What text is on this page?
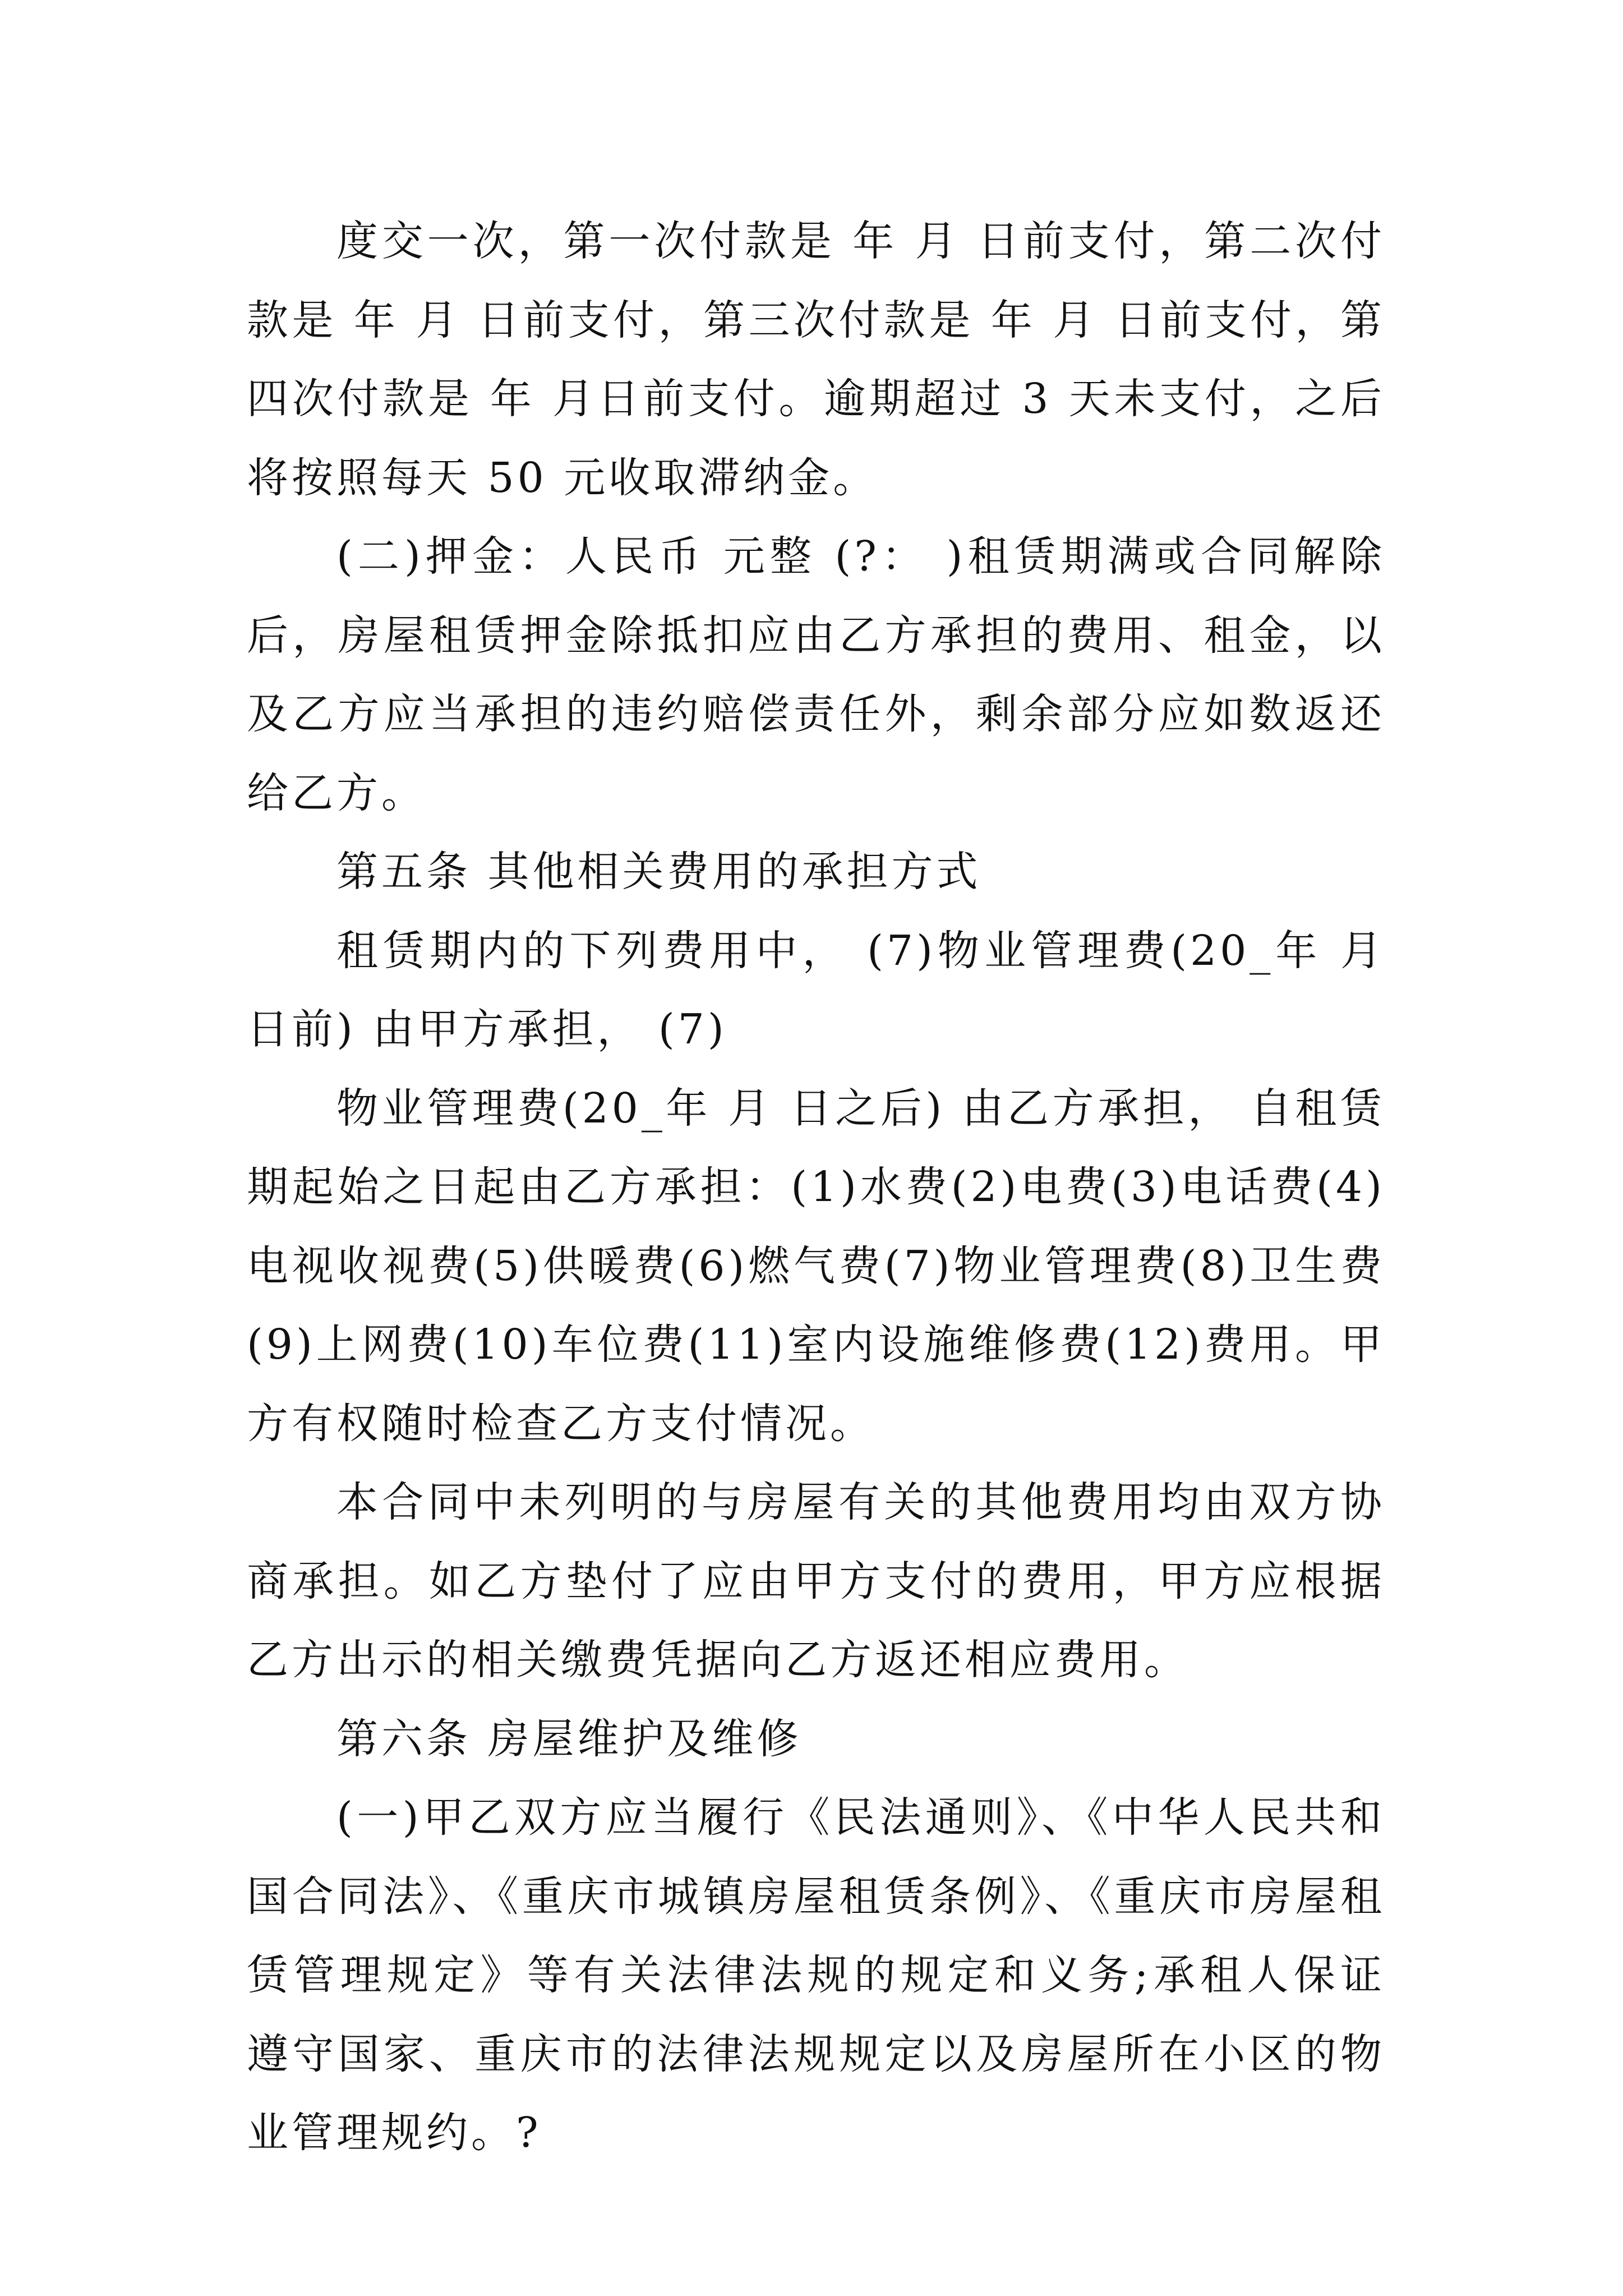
度交一次，第一次付款是 年 月 日前支付，第二次付款是 年 月 日前支付，第三次付款是 年 月 日前支付，第四次付款是 年 月日前支付。逾期超过 3 天未支付，之后将按照每天 50 元收取滞纳金。

(二)押金：人民币 元整 (?： )租赁期满或合同解除后，房屋租赁押金除抵扣应由乙方承担的费用、租金，以及乙方应当承担的违约赔偿责任外，剩余部分应如数返还给乙方。

第五条 其他相关费用的承担方式

租赁期内的下列费用中， (7)物业管理费(20_年 月 日前) 由甲方承担， (7)

物业管理费(20_年 月 日之后) 由乙方承担， 自租赁期起始之日起由乙方承担：(1)水费(2)电费(3)电话费(4)电视收视费(5)供暖费(6)燃气费(7)物业管理费(8)卫生费(9)上网费(10)车位费(11)室内设施维修费(12)费用。甲方有权随时检查乙方支付情况。

本合同中未列明的与房屋有关的其他费用均由双方协商承担。如乙方垫付了应由甲方支付的费用，甲方应根据乙方出示的相关缴费凭据向乙方返还相应费用。

第六条 房屋维护及维修

(一)甲乙双方应当履行《民法通则》、《中华人民共和国合同法》、《重庆市城镇房屋租赁条例》、《重庆市房屋租赁管理规定》等有关法律法规的规定和义务;承租人保证遵守国家、重庆市的法律法规规定以及房屋所在小区的物业管理规约。?
